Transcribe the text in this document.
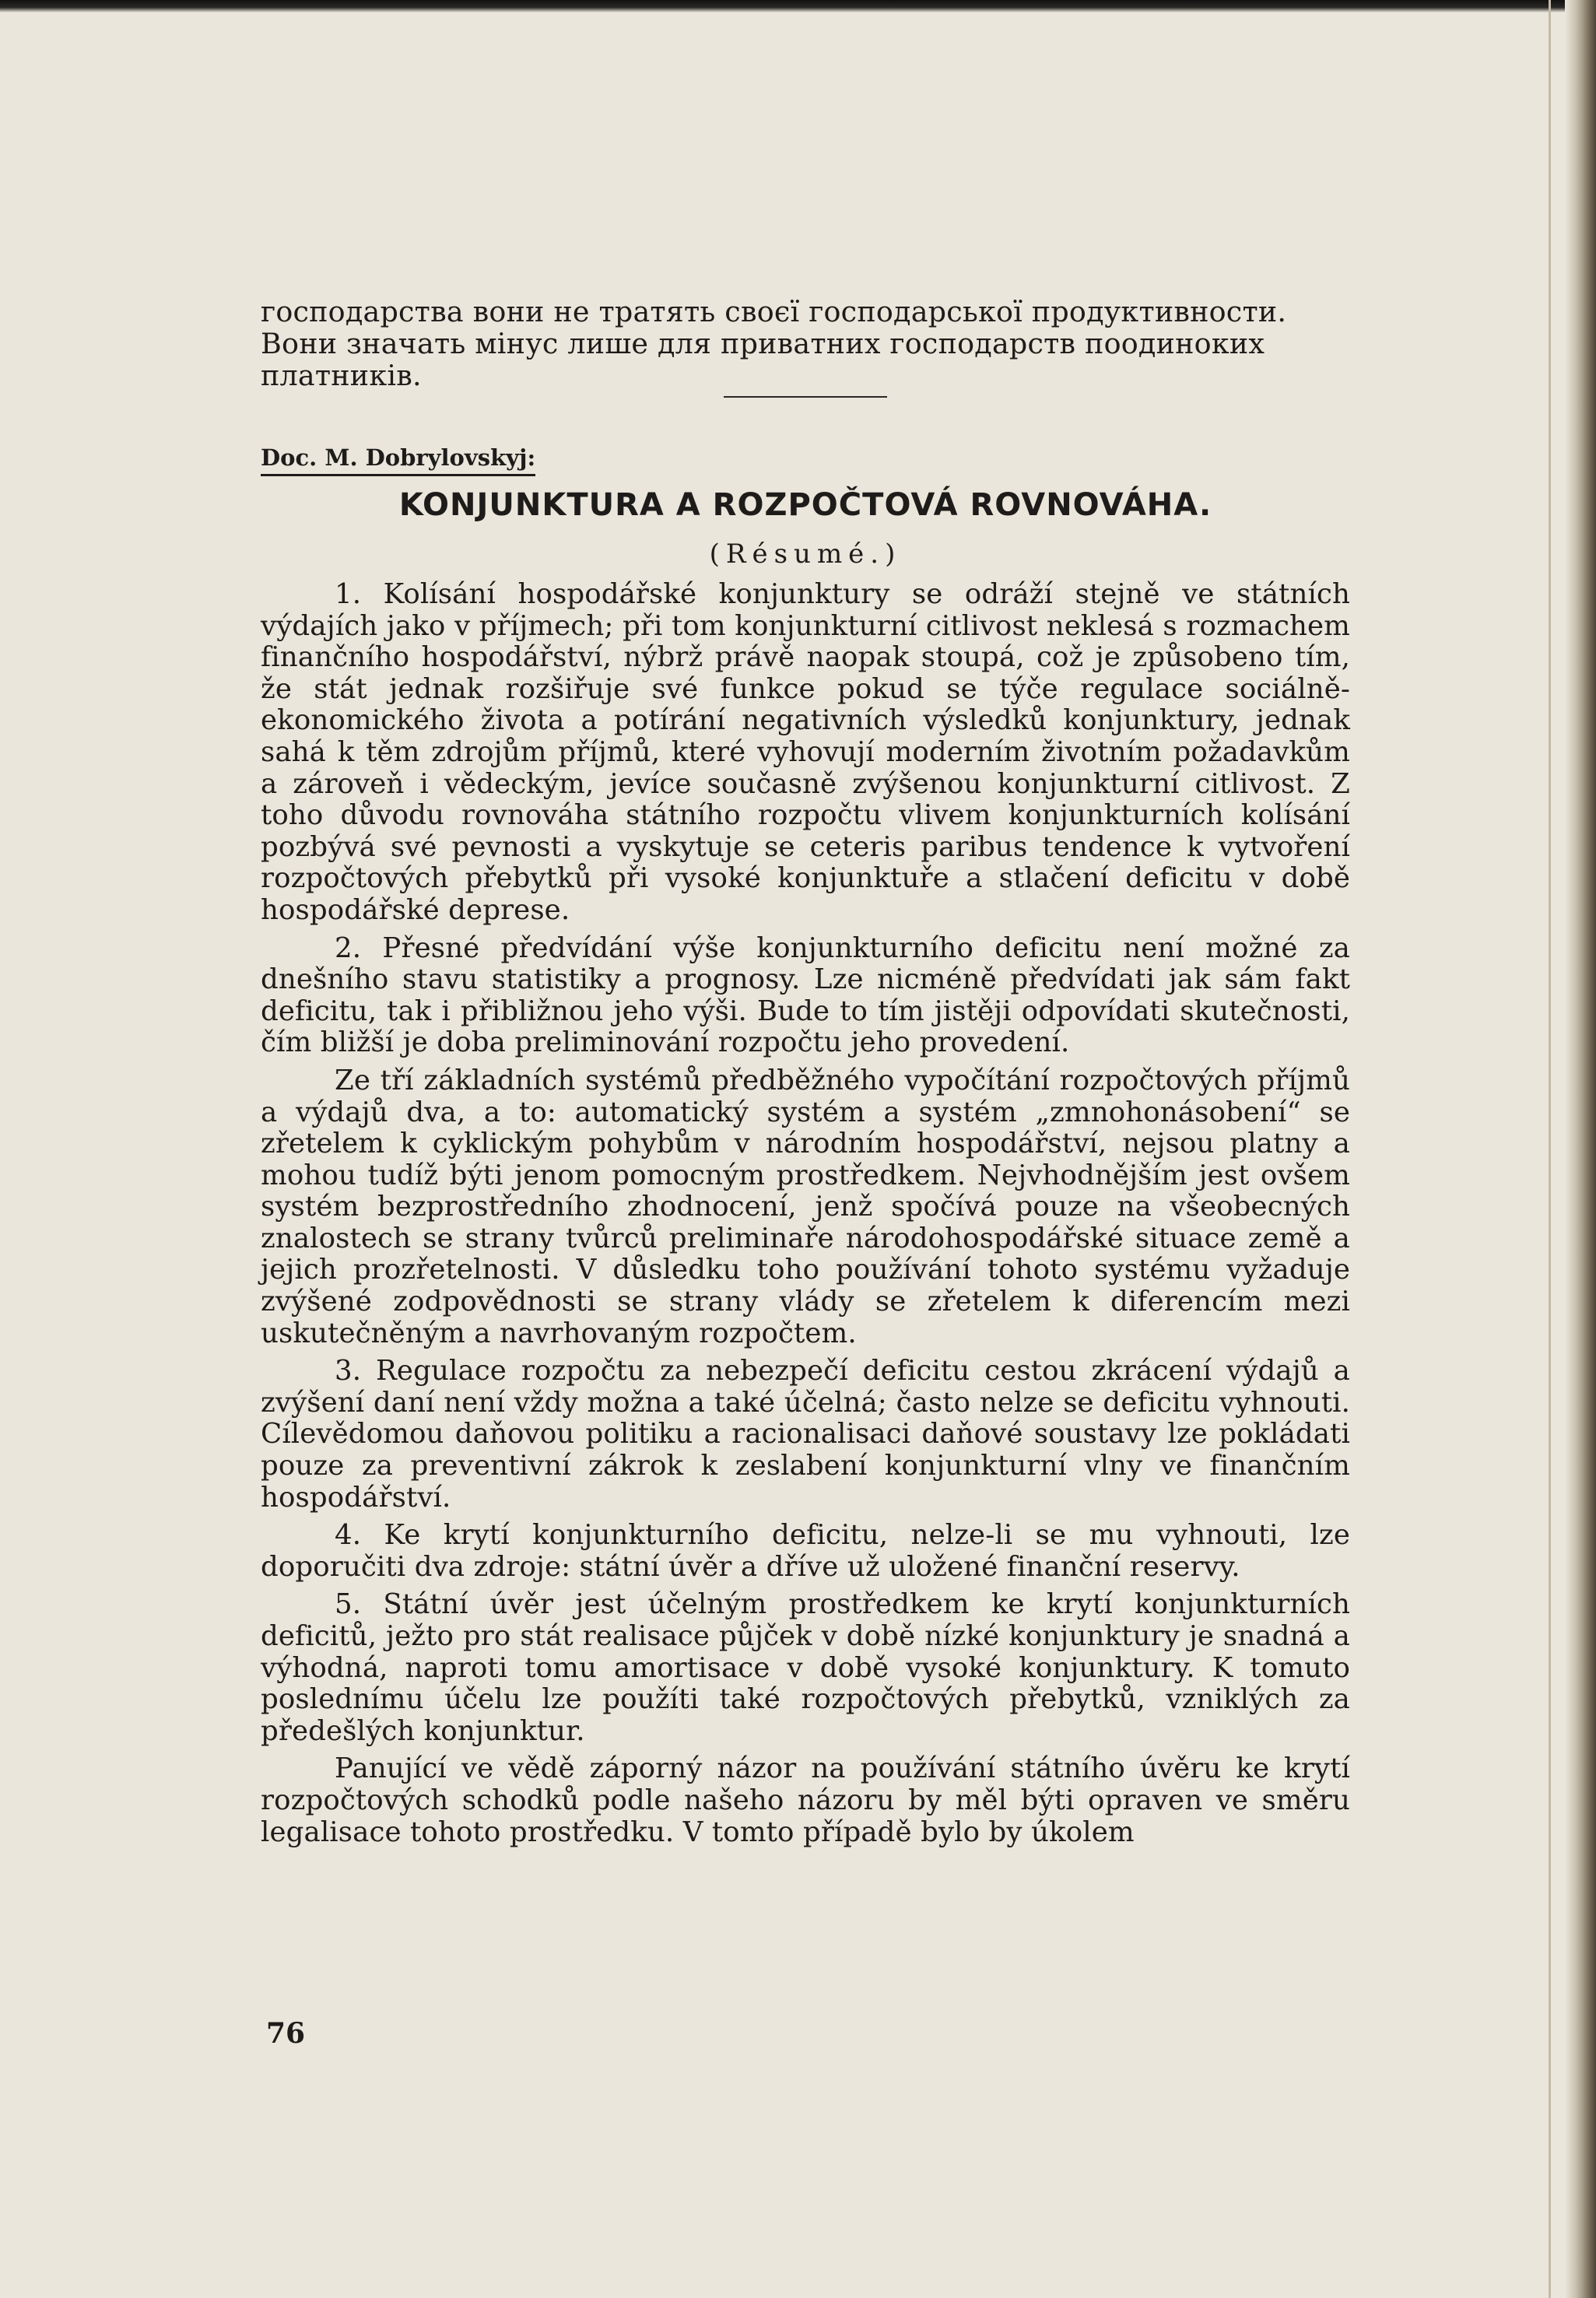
господарства вони не тратять своєї господарської продуктивности. Вони значать мінус лише для приватних господарств поодиноких платників.

Doc. M. Dobrylovskyj:
KONJUNKTURA A ROZPOČTOVÁ ROVNOVÁHA.
(Résumé.)

1. Kolísání hospodářské konjunktury se odráží stejně ve státních výdajích jako v příjmech; při tom konjunkturní citlivost neklesá s rozmachem finančního hospodářství, nýbrž právě naopak stoupá, což je způsobeno tím, že stát jednak rozšiřuje své funkce pokud se týče regulace sociálně-ekonomického života a potírání negativních výsledků konjunktury, jednak sahá k těm zdrojům příjmů, které vyhovují moderním životním požadavkům a zároveň i vědeckým, jevíce současně zvýšenou konjunkturní citlivost. Z toho důvodu rovnováha státního rozpočtu vlivem konjunkturních kolísání pozbývá své pevnosti a vyskytuje se ceteris paribus tendence k vytvoření rozpočtových přebytků při vysoké konjunktuře a stlačení deficitu v době hospodářské deprese.

2. Přesné předvídání výše konjunkturního deficitu není možné za dnešního stavu statistiky a prognosy. Lze nicméně předvídati jak sám fakt deficitu, tak i přibližnou jeho výši. Bude to tím jistěji odpovídati skutečnosti, čím bližší je doba preliminování rozpočtu jeho provedení.

Ze tří základních systémů předběžného vypočítání rozpočtových příjmů a výdajů dva, a to: automatický systém a systém „zmnohonásobení“ se zřetelem k cyklickým pohybům v národním hospodářství, nejsou platny a mohou tudíž býti jenom pomocným prostředkem. Nejvhodnějším jest ovšem systém bezprostředního zhodnocení, jenž spočívá pouze na všeobecných znalostech se strany tvůrců preliminaře národohospodářské situace země a jejich prozřetelnosti. V důsledku toho používání tohoto systému vyžaduje zvýšené zodpovědnosti se strany vlády se zřetelem k diferencím mezi uskutečněným a navrhovaným rozpočtem.

3. Regulace rozpočtu za nebezpečí deficitu cestou zkrácení výdajů a zvýšení daní není vždy možna a také účelná; často nelze se deficitu vyhnouti. Cílevědomou daňovou politiku a racionalisaci daňové soustavy lze pokládati pouze za preventivní zákrok k zeslabení konjunkturní vlny ve finančním hospodářství.

4. Ke krytí konjunkturního deficitu, nelze-li se mu vyhnouti, lze doporučiti dva zdroje: státní úvěr a dříve už uložené finanční reservy.

5. Státní úvěr jest účelným prostředkem ke krytí konjunkturních deficitů, ježto pro stát realisace půjček v době nízké konjunktury je snadná a výhodná, naproti tomu amortisace v době vysoké konjunktury. K tomuto poslednímu účelu lze použíti také rozpočtových přebytků, vzniklých za předešlých konjunktur.

Panující ve vědě záporný názor na používání státního úvěru ke krytí rozpočtových schodků podle našeho názoru by měl býti opraven ve směru legalisace tohoto prostředku. V tomto případě bylo by úkolem

76
